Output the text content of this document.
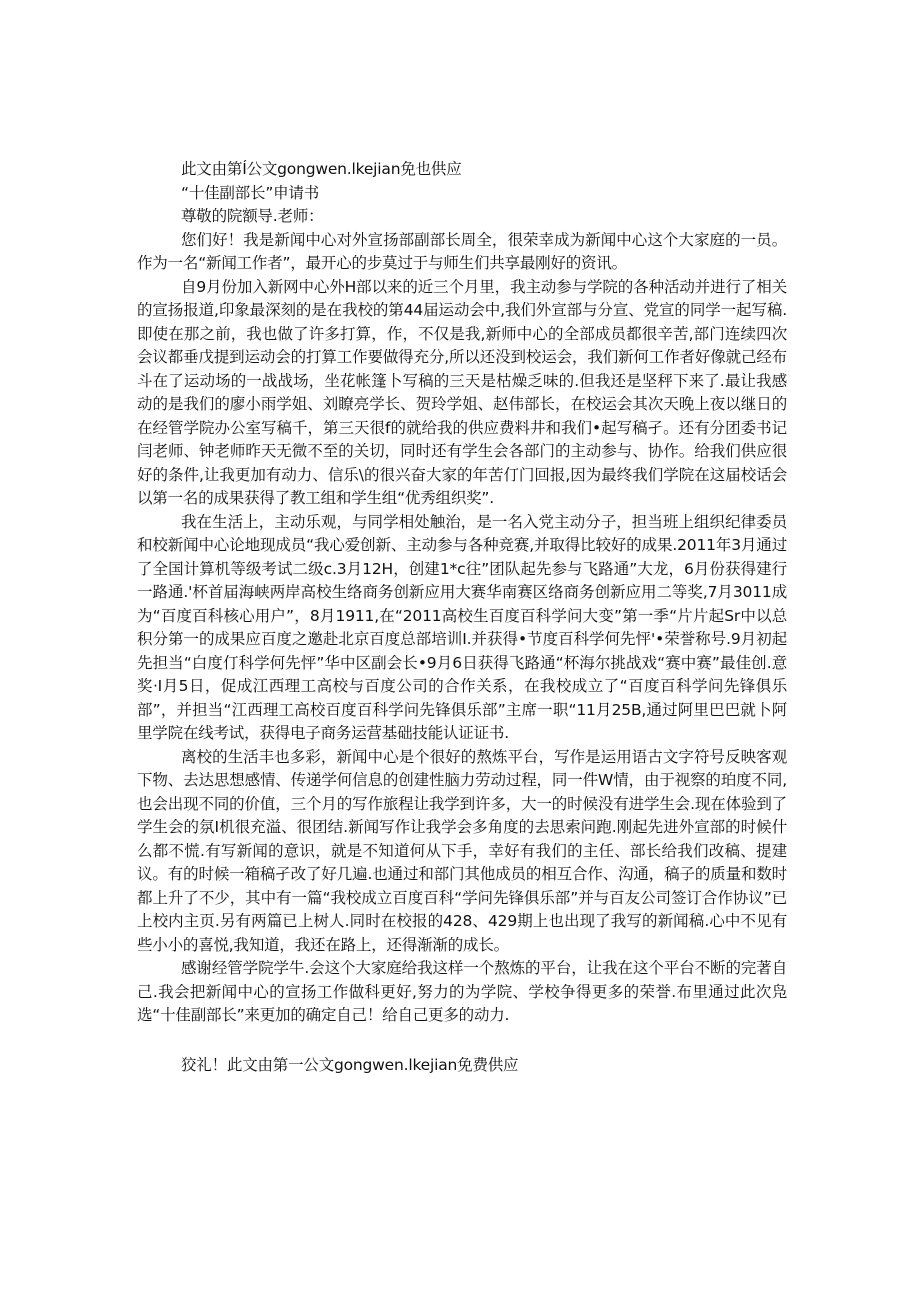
此文由第Í公文gongwen.lkejian免也供应

“十佳副部长”申请书

尊敬的院额导.老师：

您们好！我是新闻中心对外宣扬部副部长周全，很荣幸成为新闻中心这个大家庭的一员。作为一名“新闻工作者”，最开心的步莫过于与师生们共享最刚好的资讯。

自9月份加入新网中心外H部以来的近三个月里，我主动参与学院的各种活动并进行了相关的宣扬报道,印象最深刻的是在我校的第44届运动会中,我们外宣部与分宣、党宣的同学一起写稿.即使在那之前，我也做了许多打算，作，不仅是我,新师中心的全部成员都很辛苦,部门连续四次会议都垂戊提到运动会的打算工作要做得充分,所以还没到校运会，我们新何工作者好像就己经布斗在了运动场的一战战场，坐花帐篷卜写稿的三天是枯燥乏味的.但我还是坚秤下来了.最让我感动的是我们的廖小雨学姐、刘瞭亮学长、贺玲学姐、赵伟部长，在校运会其次天晚上夜以继日的在经管学院办公室写稿千，第三天很f的就给我的供应费料井和我们•起写稿孑。还有分团委书记闫老师、钟老师昨天无微不至的关切，同时还有学生会各部门的主动参与、协作。给我们供应很好的条件,让我更加有动力、信乐\的很兴奋大家的年苦仃门回报,因为最终我们学院在这届校话会以第一名的成果获得了教工组和学生组“优秀组织奖”.

我在生活上，主动乐观，与同学相处触治，是一名入党主动分子，担当班上组织纪律委员和校新闻中心论地现成员“我心爱创新、主动参与各种竞赛,并取得比较好的成果.2011年3月通过了全国计算机等级考试二级c.3月12H，创建1*c往”团队起先参与飞路通”大龙，6月份获得建行一路通.'杯首届海峡两岸高校生络商务创新应用大赛华南赛区络商务创新应用二等奖,7月3011成为“百度百科核心用户”，8月1911,在“2011高校生百度百科学问大变”第一季“片片起Sr中以总积分第一的成果应百度之邀赴北京百度总部培训I.并获得•节度百科学何先怦'•荣誉称号.9月初起先担当“白度仃科学何先怦”华中区副会长•9月6日获得飞路通“杯海尔挑战戏“赛中赛”最佳创.意奖·I月5日，促成江西理工高校与百度公司的合作关系，在我校成立了“百度百科学问先锋俱乐部”，并担当“江西理工高校百度百科学问先锋俱乐部”主席一职“11月25B,通过阿里巴巴就卜阿里学院在线考试，获得电子商务运营基础技能认证证书.

离校的生活丰也多彩，新闻中心是个很好的熬炼平台，写作是运用语古文字符号反映客观下物、去达思想感情、传递学何信息的创建性脑力劳动过程，同一件W情，由于视察的珀度不同,也会出现不同的价值，三个月的写作旅程让我学到许多，大一的时候没有进学生会.现在体验到了学生会的氛I机很充溢、很团结.新闻写作让我学会多角度的去思索问跑.刚起先进外宣部的时候什么都不慌.有写新闻的意识，就是不知道何从下手，幸好有我们的主任、部长给我们改稿、提建议。有的时候一箱稿孑改了好几遍.也通过和部门其他成员的相互合作、沟通，稿子的质量和数时都上升了不少，其中有一篇“我校成立百度百科“学问先锋俱乐部”并与百友公司签订合作协议”已上校内主页.另有两篇已上树人.同时在校报的428、429期上也出现了我写的新闻稿.心中不见有些小小的喜悦,我知道，我还在路上，还得渐渐的成长。

感谢经管学院学牛.会这个大家庭给我这样一个熬炼的平台，让我在这个平台不断的完著自己.我会把新闻中心的宣扬工作做科更好,努力的为学院、学校争得更多的荣誉.布里通过此次凫选“十佳副部长”来更加的确定自己！给自己更多的动力.

狡礼！此文由第一公文gongwen.lkejian免费供应
